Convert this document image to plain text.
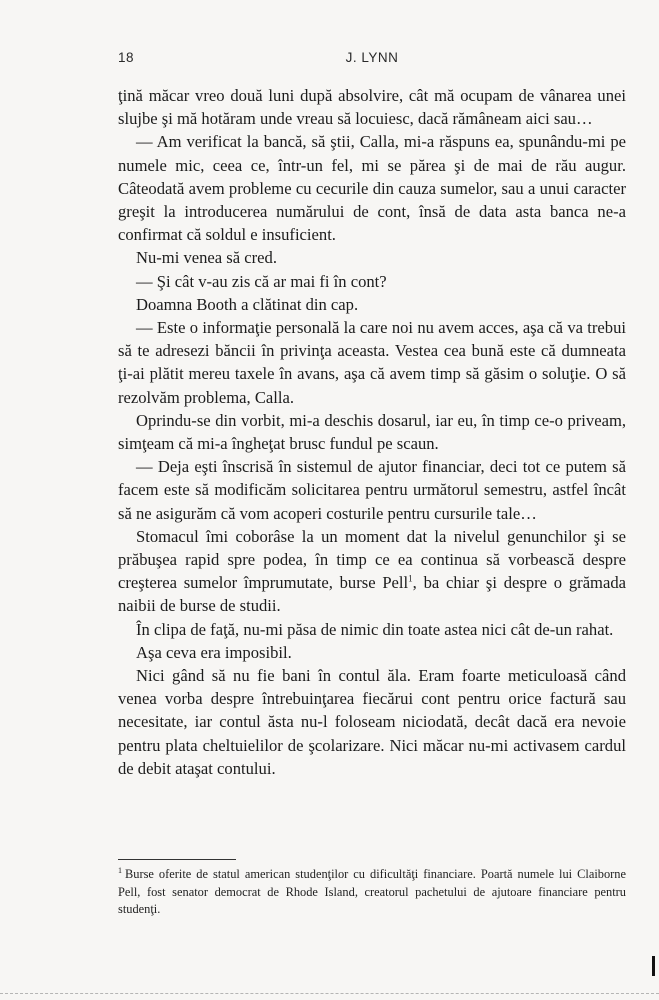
18	J. LYNN

ţină măcar vreo două luni după absolvire, cât mă ocupam de vânarea unei slujbe şi mă hotăram unde vreau să locuiesc, dacă rămâneam aici sau…

— Am verificat la bancă, să ştii, Calla, mi-a răspuns ea, spunându-mi pe numele mic, ceea ce, într-un fel, mi se părea şi de mai de rău augur. Câteodată avem probleme cu cecurile din cauza sumelor, sau a unui caracter greşit la introducerea numărului de cont, însă de data asta banca ne-a confirmat că soldul e insuficient.

Nu-mi venea să cred.

— Şi cât v-au zis că ar mai fi în cont?

Doamna Booth a clătinat din cap.

— Este o informaţie personală la care noi nu avem acces, aşa că va trebui să te adresezi băncii în privinţa aceasta. Vestea cea bună este că dumneata ţi-ai plătit mereu taxele în avans, aşa că avem timp să găsim o soluţie. O să rezolvăm problema, Calla.

Oprindu-se din vorbit, mi-a deschis dosarul, iar eu, în timp ce-o priveam, simţeam că mi-a îngheţat brusc fundul pe scaun.

— Deja eşti înscrisă în sistemul de ajutor financiar, deci tot ce putem să facem este să modificăm solicitarea pentru următorul semestru, astfel încât să ne asigurăm că vom acoperi costurile pentru cursurile tale…

Stomacul îmi coborâse la un moment dat la nivelul genunchilor şi se prăbuşea rapid spre podea, în timp ce ea continua să vorbească despre creşterea sumelor împrumutate, burse Pell$^1$, ba chiar şi despre o grămada naibii de burse de studii.

În clipa de faţă, nu-mi păsa de nimic din toate astea nici cât de-un rahat.

Aşa ceva era imposibil.

Nici gând să nu fie bani în contul ăla. Eram foarte meticuloasă când venea vorba despre întrebuinţarea fiecărui cont pentru orice factură sau necesitate, iar contul ăsta nu-l foloseam niciodată, decât dacă era nevoie pentru plata cheltuielilor de şcolarizare. Nici măcar nu-mi activasem cardul de debit ataşat contului.

$^1$ Burse oferite de statul american studenţilor cu dificultăţi financiare. Poartă numele lui Claiborne Pell, fost senator democrat de Rhode Island, creatorul pachetului de ajutoare financiare pentru studenţi.
